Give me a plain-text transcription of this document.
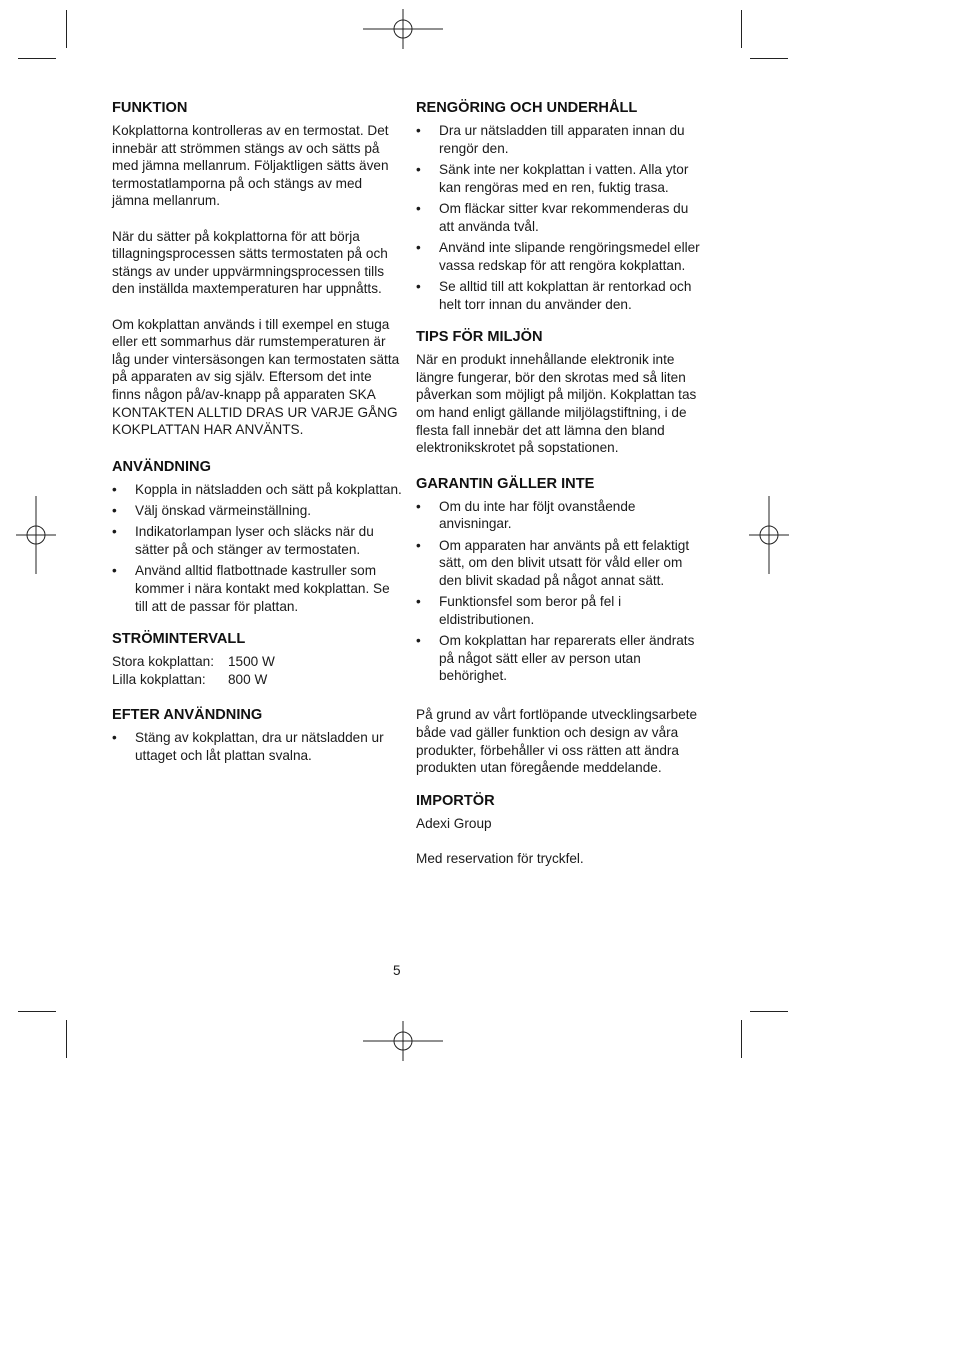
FUNKTION

Kokplattorna kontrolleras av en termostat. Det innebär att strömmen stängs av och sätts på med jämna mellanrum. Följaktligen sätts även termostatlamporna på och stängs av med jämna mellanrum.

När du sätter på kokplattorna för att börja tillagningsprocessen sätts termostaten på och stängs av under uppvärmningsprocessen tills den inställda maxtemperaturen har uppnåtts.

Om kokplattan används i till exempel en stuga eller ett sommarhus där rumstemperaturen är låg under vintersäsongen kan termostaten sätta på apparaten av sig själv. Eftersom det inte finns någon på/av-knapp på apparaten SKA KONTAKTEN ALLTID DRAS UR VARJE GÅNG KOKPLATTAN HAR ANVÄNTS.

ANVÄNDNING
• Koppla in nätsladden och sätt på kokplattan.
• Välj önskad värmeinställning.
• Indikatorlampan lyser och släcks när du sätter på och stänger av termostaten.
• Använd alltid flatbottnade kastruller som kommer i nära kontakt med kokplattan. Se till att de passar för plattan.
STRÖMINTERVALL
Stora kokplattan:	1500 W
Lilla kokplattan:	800 W
EFTER ANVÄNDNING
• Stäng av kokplattan, dra ur nätsladden ur uttaget och låt plattan svalna.
RENGÖRING OCH UNDERHÅLL
• Dra ur nätsladden till apparaten innan du rengör den.
• Sänk inte ner kokplattan i vatten. Alla ytor kan rengöras med en ren, fuktig trasa.
• Om fläckar sitter kvar rekommenderas du att använda tvål.
• Använd inte slipande rengöringsmedel eller vassa redskap för att rengöra kokplattan.
• Se alltid till att kokplattan är rentorkad och helt torr innan du använder den.
TIPS FÖR MILJÖN

När en produkt innehållande elektronik inte längre fungerar, bör den skrotas med så liten påverkan som möjligt på miljön. Kokplattan tas om hand enligt gällande miljölagstiftning, i de flesta fall innebär det att lämna den bland elektronikskrotet på sopstationen.

GARANTIN GÄLLER INTE
• Om du inte har följt ovanstående anvisningar.
• Om apparaten har använts på ett felaktigt sätt, om den blivit utsatt för våld eller om den blivit skadad på något annat sätt.
• Funktionsfel som beror på fel i eldistributionen.
• Om kokplattan har reparerats eller ändrats på något sätt eller av person utan behörighet.

På grund av vårt fortlöpande utvecklingsarbete både vad gäller funktion och design av våra produkter, förbehåller vi oss rätten att ändra produkten utan föregående meddelande.

IMPORTÖR

Adexi Group

Med reservation för tryckfel.

5
